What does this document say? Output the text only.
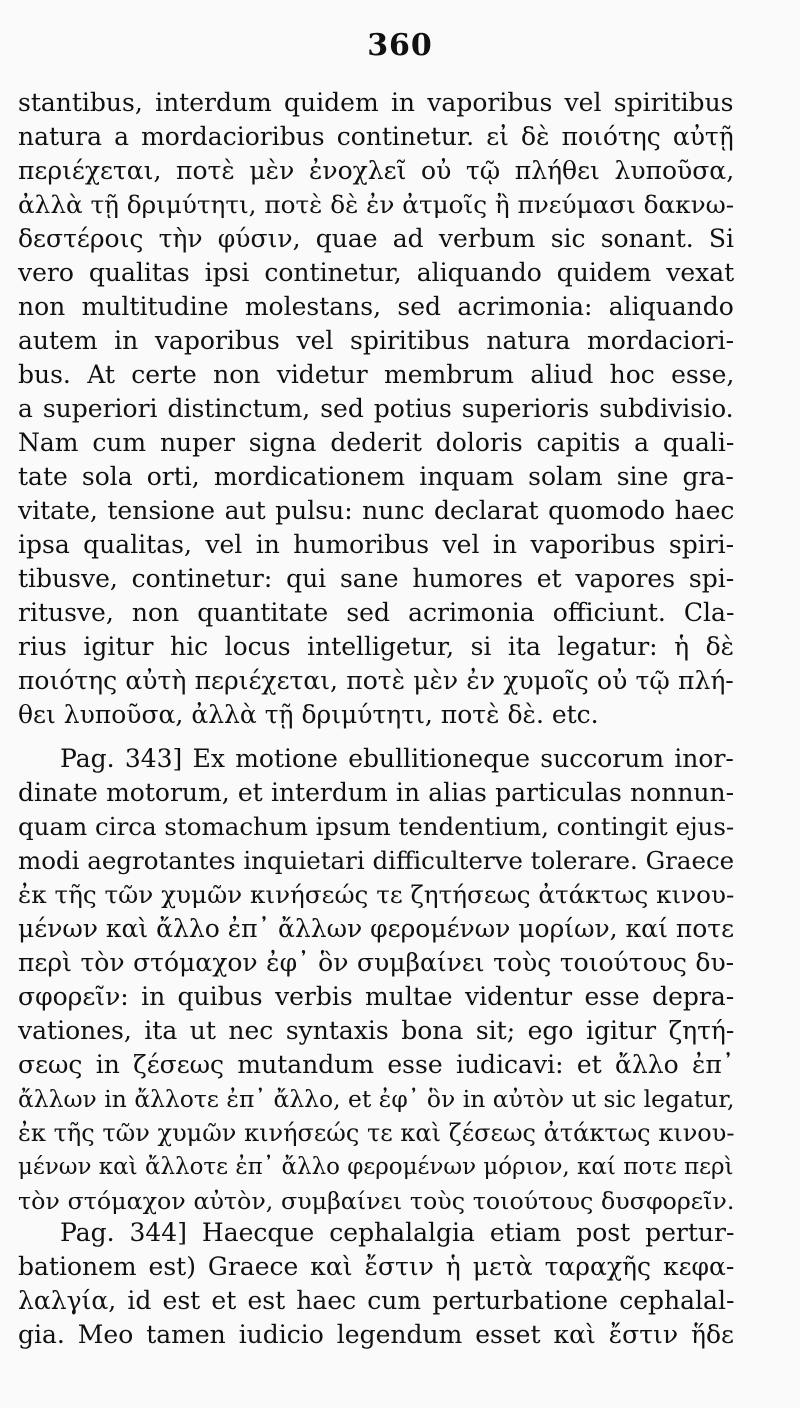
360
stantibus, interdum quidem in vaporibus vel spiritibus
natura a mordacioribus continetur. εἰ δὲ ποιότης αὐτῇ
περιέχεται, ποτὲ μὲν ἐνοχλεῖ οὐ τῷ πλήθει λυποῦσα,
ἀλλὰ τῇ δριμύτητι, ποτὲ δὲ ἐν ἀτμοῖς ἢ πνεύμασι δακνω-
δεστέροις τὴν φύσιν, quae ad verbum sic sonant. Si
vero qualitas ipsi continetur, aliquando quidem vexat
non multitudine molestans, sed acrimonia: aliquando
autem in vaporibus vel spiritibus natura mordaciori-
bus. At certe non videtur membrum aliud hoc esse,
a superiori distinctum, sed potius superioris subdivisio.
Nam cum nuper signa dederit doloris capitis a quali-
tate sola orti, mordicationem inquam solam sine gra-
vitate, tensione aut pulsu: nunc declarat quomodo haec
ipsa qualitas, vel in humoribus vel in vaporibus spiri-
tibusve, continetur: qui sane humores et vapores spi-
ritusve, non quantitate sed acrimonia officiunt. Cla-
rius igitur hic locus intelligetur, si ita legatur: ἡ δὲ
ποιότης αὐτὴ περιέχεται, ποτὲ μὲν ἐν χυμοῖς οὐ τῷ πλή-
θει λυποῦσα, ἀλλὰ τῇ δριμύτητι, ποτὲ δὲ. etc.
Pag. 343] Ex motione ebullitioneque succorum inor-
dinate motorum, et interdum in alias particulas nonnun-
quam circa stomachum ipsum tendentium, contingit ejus-
modi aegrotantes inquietari difficulterve tolerare. Graece
ἐκ τῆς τῶν χυμῶν κινήσεώς τε ζητήσεως ἀτάκτως κινου-
μένων καὶ ἄλλο ἐπ᾽ ἄλλων φερομένων μορίων, καί ποτε
περὶ τὸν στόμαχον ἐφ᾽ ὃν συμβαίνει τοὺς τοιούτους δυ-
σφορεῖν: in quibus verbis multae videntur esse depra-
vationes, ita ut nec syntaxis bona sit; ego igitur ζητή-
σεως in ζέσεως mutandum esse iudicavi: et ἄλλο ἐπ᾽
ἄλλων in ἄλλοτε ἐπ᾽ ἄλλο, et ἐφ᾽ ὃν in αὐτὸν ut sic legatur,
ἐκ τῆς τῶν χυμῶν κινήσεώς τε καὶ ζέσεως ἀτάκτως κινου-
μένων καὶ ἄλλοτε ἐπ᾽ ἄλλο φερομένων μόριον, καί ποτε περὶ
τὸν στόμαχον αὐτὸν, συμβαίνει τοὺς τοιούτους δυσφορεῖν.
Pag. 344] Haecque cephalalgia etiam post pertur-
bationem est) Graece καὶ ἔστιν ἡ μετὰ ταραχῆς κεφα-
λαλγία, id est et est haec cum perturbatione cephalal-
gia. Meo tamen iudicio legendum esset καὶ ἔστιν ἥδε
